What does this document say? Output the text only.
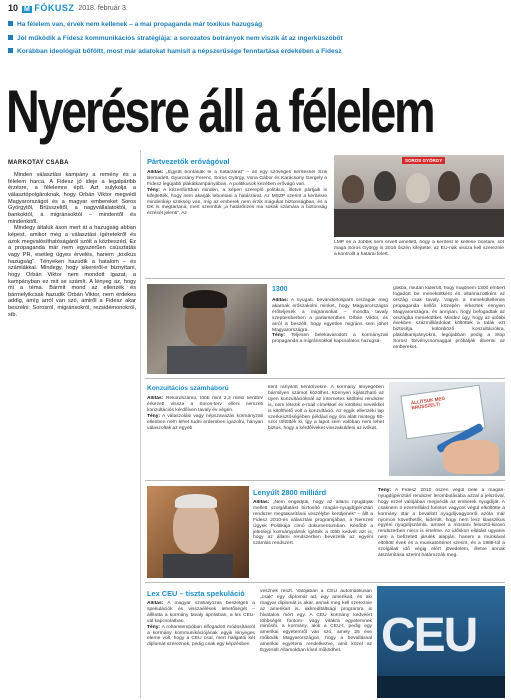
10 M FÓKUSZ 2018. február 3.
Ha félelem van, érvek nem kellenek – a mai propaganda már toxikus hazugság
Jól működik a Fidesz kommunikációs stratégiája: a sorozatos botrányok nem viszik át az ingerküszöböt
Korábban ideológiát bőföltt, most már adatokat hamisít a népszerűsége fenntartása érdekében a Fidesz
Nyerésre áll a félelem
MARKOTAY CSABA

Minden választási kampány a remény és a félelem harca. A Fidesz jó ideje a legalpáribb érzésre, a félelemre épít. Azt sulykolja a választópolgároknak, hogy Orbán Viktor megvédi Magyarországot és a magyar embereket Soros Györgytől, Brüsszeltől, a nagyvállalatoktól, a bankoktól, a migránsoktól – mindentől és mindenkitől.

Mindegy általuk áson mert át a hazugság abban képest, amikor még a választási ígéretekről és azok megvalósíthatóságáról szólt a közbeszéd. Ez a propaganda már nem egyszerűen csúsztatás vagy PR, esetleg ügyes érvelés, hanem „toxikus hazugság”. Tényeken hazudik a hatalom – és számlákkal. Mindegy, hogy sikeréről-e biznyítani, hogy Orbán Viktor nem mondott igazat, a kampányban ez mit se számít. A lényeg az, hogy mi a téma. Bármit mond az ellenzék és bármelyikcsak hazudik Orbán Viktor, nem érdekes addig, amíg arról van szó, amiről a Fidesz akar beszélni: Sorosról, migránsokról, rezsidémonokról, stb.

Pártvezetők erővágóval
Állítás: „Együtt bontanák le a határzárat” – áll egy szöveges kerítésnél Szili Bernadett, Gyurcsány Ferenc, Soros György, Vona Gábor és Karácsony Gergely a Fidesz legújabb plakátkampányában. A politikusok kezében erővágó van.
Tény: A kézenfúrttban minden, a képen szereplő politikus, illetve pártjaik is kifejtették, hogy nem akarják lebontani a határzárat. Az MSZP szerint a kerítésre mindenkép szükség van, míg az emberek nem érzik magukat biztonságban, és a DK is megtartaná, mert szerintük „a határőrizés ma sokak számára a biztonság érzését jelenti”. Az
SOROS GYÖRGY
LMP és a Jobbik sem érvelt amellett, hogy a kerítést le kellene bontani, sőt maga Soros György is 2016 őszén kifejtette: az EU-nak vissza kell szereznie a kontrollt a határai felett.
1300
Állítás: A nyugati, bevándorlóspárti országok meg akarnak erőszakolni minket, hogy Magyarországra érőteljesek a migránsokat – mondta tavaly szeptemberben a parlamentben Orbán Viktor, és arról is beszélt, hogy egyetlen migráns sem jöhet Magyarországra.
Tény: Teljesen belekavarodott a kormányzati propaganda a migránsokkal kapcsolatos hazugsá-
gokba, miután kiderült, hogy majdnem 1300 embert fogadott be menekültként és oltalmazottként az ország csak tavaly. Vagyis a menekültellenes propaganda kellős közepén érkeztek ennyien Magyarországra, és annyian, hogy befogadtak az országba menekültket. Mindez úgy, hogy az utóbbi években százmilliárdokat költöttek a talák ezt biztosítja, különböző konzultációkra, plakátkampányokra, legújabban pedig a Stop Soros! törvénycsomaggal próbálják átvenni az embereket.
Konzultációs számháború
Állítás: Rekordszámú, több mint 2,3 millió kérdőív érkezett vissza a Soros-terv elleni nemzeti konzultációs kérdőíven tavaly év végén.
Tény: A válaszolási vagy népszavazás kormányzati ellenben nem lehet tudni erdemben igazolni, hányan válaszoltak az egyéb
ként rányitott kérdőívekre. A kormány lényegében bármilyen számot közölhet. Könnyen kijátszható az üyen konzultációknál az internetes kitöltési rendszer is, nem létezik e-mail címekkel és kitöltési neveikkel is kitölthető volt a konzultáció. Az egyik ellenzéki lap szerkesztőségében például egy óra alatt mintegy 80-szor töltötték ki, így a lapot sem valóban nem lehet biztos, hogy a kérdőíveket visszaküldeni az ivókat.
ÁLLÍTSUK MEG BRÜSSZELT!
Lenyúlt 2800 milliárd
Állítás: „Nem engedjük, hogy az állami nyugdíjak mellett szolgáltatást biztosító magán-nyugdíjpénztári rendszer megtakarításai veszélybe kerüljenek” – állt a Fidesz 2010-es választási programjában, a Nemzeti Ügyek Politikája című dokumentumban. Később a jelenlegi kormánypártok igérték a több kedvét azt is, hogy az állami rendszerben bevezetik az egyéni számlás rendszert.
Tény: A Fidesz 2010 őszén végül bele a magán-nyugdíjpénztári rendszer lerombolásába azzal a jelszóval, hogy ezzel valójában megvédik az emberek nyugdíját. A csaknem 3 ezermilliárd forintos vagyont végül elköltötte a kormány. Bár a bevallott nyugdíjvagyonról azóta már nyomon követhetők, kiderült, hogy nem lesz klasszikus egyéni nyugdíjszámla, amivel a mostani felosztó-kirovó rendszerben nincs is értelme. Az időskori ellátást ugyanis nem a befizetett járulék alapján, hanem a munkával eltöltött évek és a munkatörténet szerint, és a 1988-tól a szolgálati idő végig elért jövedelem, illetve annak átszámítása szerint határozzák meg.
Lex CEU – tiszta spekuláció
Állítás: A magyar szabályozás beszélgeti a spekulációk és visszaélések lehetőségét – állította a kormány tavaly áprilisban, a lex CEU-val kapcsolatban.
Tény: A rohamtempóban elfogadott módosításról a kormány kommunikációjának egyik lényeges eleme volt, hogy a CEU csal, mert hallgatói két diplomát szereznek, pedig csak egy képzésben
vesznek részt. Valójában a CEU automatikusan „csak” egy diplomát ad, egy amerikait, és aki magyar diplomát is akar, annak meg kell szereznie az amerikait is, akkreditáltsági programra is hivatalos mért egy. A CEU kormány kedvéért többségét fontom- vagy vitákra egyetemnek minősíti, a kormány, akik a CEU-t, pedig egy amerikai egyetemről van szó, amely 25 éve működik Magyarországon, hogy a bevallással amerikai egyetemi rendelkezve, amit közel az Egyesült Államokban kívül működhet. CEU
